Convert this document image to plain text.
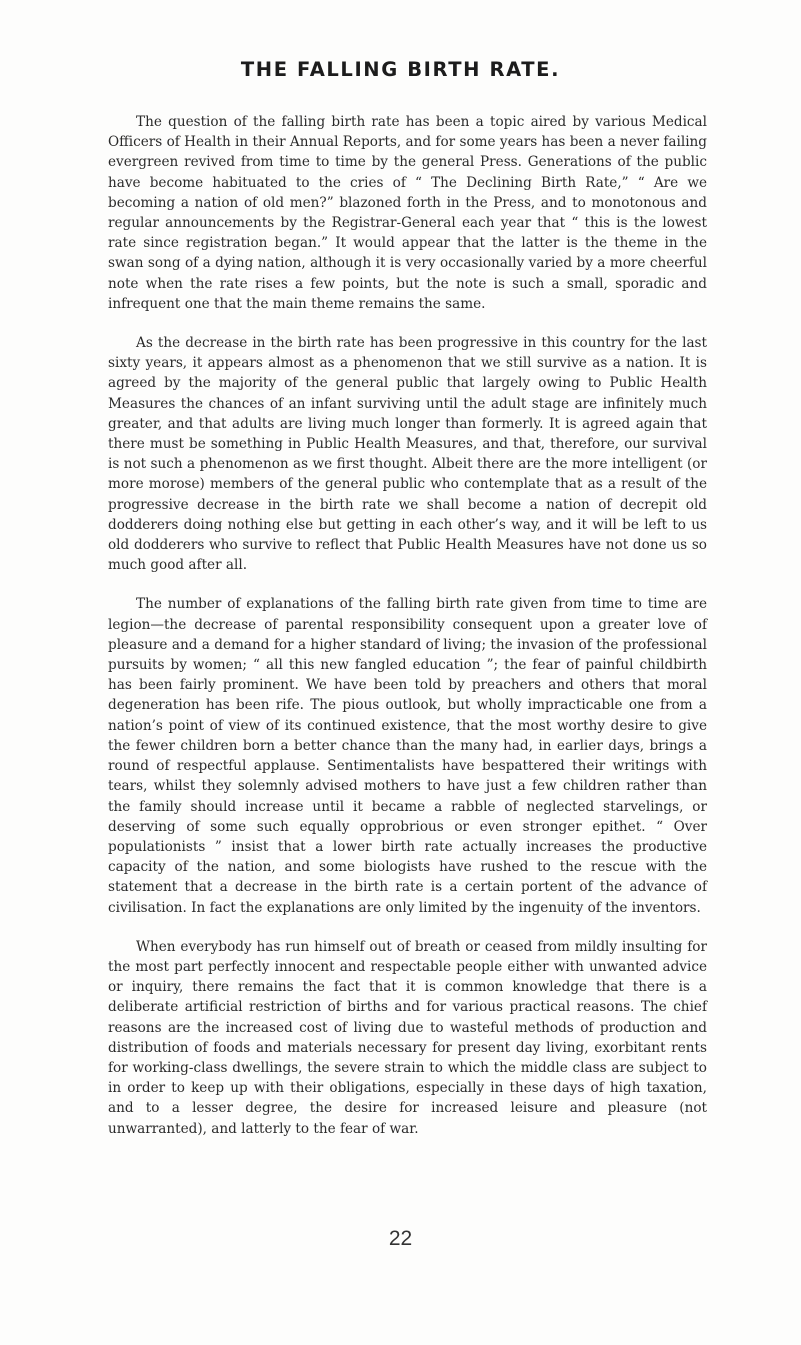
THE FALLING BIRTH RATE.

The question of the falling birth rate has been a topic aired by various Medical Officers of Health in their Annual Reports, and for some years has been a never failing evergreen revived from time to time by the general Press. Generations of the public have become habituated to the cries of “ The Declining Birth Rate,” “ Are we becoming a nation of old men?” blazoned forth in the Press, and to monotonous and regular announcements by the Registrar-General each year that “ this is the lowest rate since registration began.” It would appear that the latter is the theme in the swan song of a dying nation, although it is very occasionally varied by a more cheerful note when the rate rises a few points, but the note is such a small, sporadic and infrequent one that the main theme remains the same.

As the decrease in the birth rate has been progressive in this country for the last sixty years, it appears almost as a phenomenon that we still survive as a nation. It is agreed by the majority of the general public that largely owing to Public Health Measures the chances of an infant surviving until the adult stage are infinitely much greater, and that adults are living much longer than formerly. It is agreed again that there must be something in Public Health Measures, and that, therefore, our survival is not such a phenomenon as we first thought. Albeit there are the more intelligent (or more morose) members of the general public who contemplate that as a result of the progressive decrease in the birth rate we shall become a nation of decrepit old dodderers doing nothing else but getting in each other’s way, and it will be left to us old dodderers who survive to reflect that Public Health Measures have not done us so much good after all.

The number of explanations of the falling birth rate given from time to time are legion—the decrease of parental responsibility consequent upon a greater love of pleasure and a demand for a higher standard of living; the invasion of the professional pursuits by women; “ all this new fangled education ”; the fear of painful childbirth has been fairly prominent. We have been told by preachers and others that moral degeneration has been rife. The pious outlook, but wholly impracticable one from a nation’s point of view of its continued existence, that the most worthy desire to give the fewer children born a better chance than the many had, in earlier days, brings a round of respectful applause. Sentimentalists have bespattered their writings with tears, whilst they solemnly advised mothers to have just a few children rather than the family should increase until it became a rabble of neglected starvelings, or deserving of some such equally opprobrious or even stronger epithet. “ Over populationists ” insist that a lower birth rate actually increases the productive capacity of the nation, and some biologists have rushed to the rescue with the statement that a decrease in the birth rate is a certain portent of the advance of civilisation. In fact the explanations are only limited by the ingenuity of the inventors.

When everybody has run himself out of breath or ceased from mildly insulting for the most part perfectly innocent and respectable people either with unwanted advice or inquiry, there remains the fact that it is common knowledge that there is a deliberate artificial restriction of births and for various practical reasons. The chief reasons are the increased cost of living due to wasteful methods of production and distribution of foods and materials necessary for present day living, exorbitant rents for working-class dwellings, the severe strain to which the middle class are subject to in order to keep up with their obligations, especially in these days of high taxation, and to a lesser degree, the desire for increased leisure and pleasure (not unwarranted), and latterly to the fear of war.

22
